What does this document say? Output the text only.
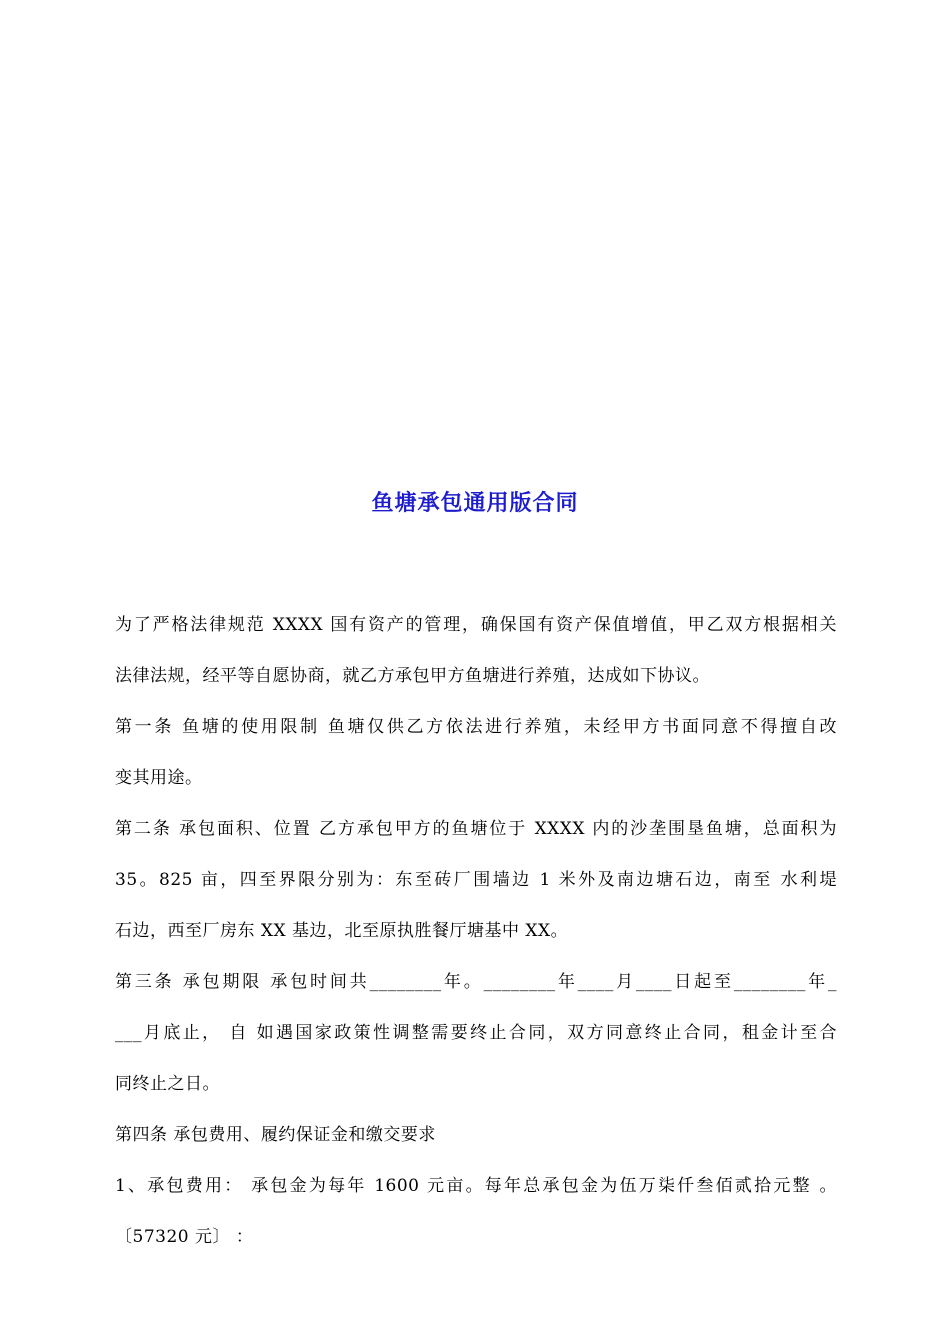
鱼塘承包通用版合同
为了严格法律规范 XXXX 国有资产的管理，确保国有资产保值增值，甲乙双方根据相关
法律法规，经平等自愿协商，就乙方承包甲方鱼塘进行养殖，达成如下协议。
第一条 鱼塘的使用限制 鱼塘仅供乙方依法进行养殖，未经甲方书面同意不得擅自改
变其用途。
第二条 承包面积、位置 乙方承包甲方的鱼塘位于 XXXX 内的沙垄围垦鱼塘，总面积为
35。825 亩，四至界限分别为：东至砖厂围墙边 1 米外及南边塘石边，南至 水利堤
石边，西至厂房东 XX 基边，北至原执胜餐厅塘基中 XX。
第三条 承包期限 承包时间共________年。________年____月____日起至________年_
___月底止， 自 如遇国家政策性调整需要终止合同，双方同意终止合同，租金计至合
同终止之日。
第四条 承包费用、履约保证金和缴交要求
1、承包费用： 承包金为每年 1600 元亩。每年总承包金为伍万柒仟叁佰贰拾元整 。
〔57320 元〕 ：
